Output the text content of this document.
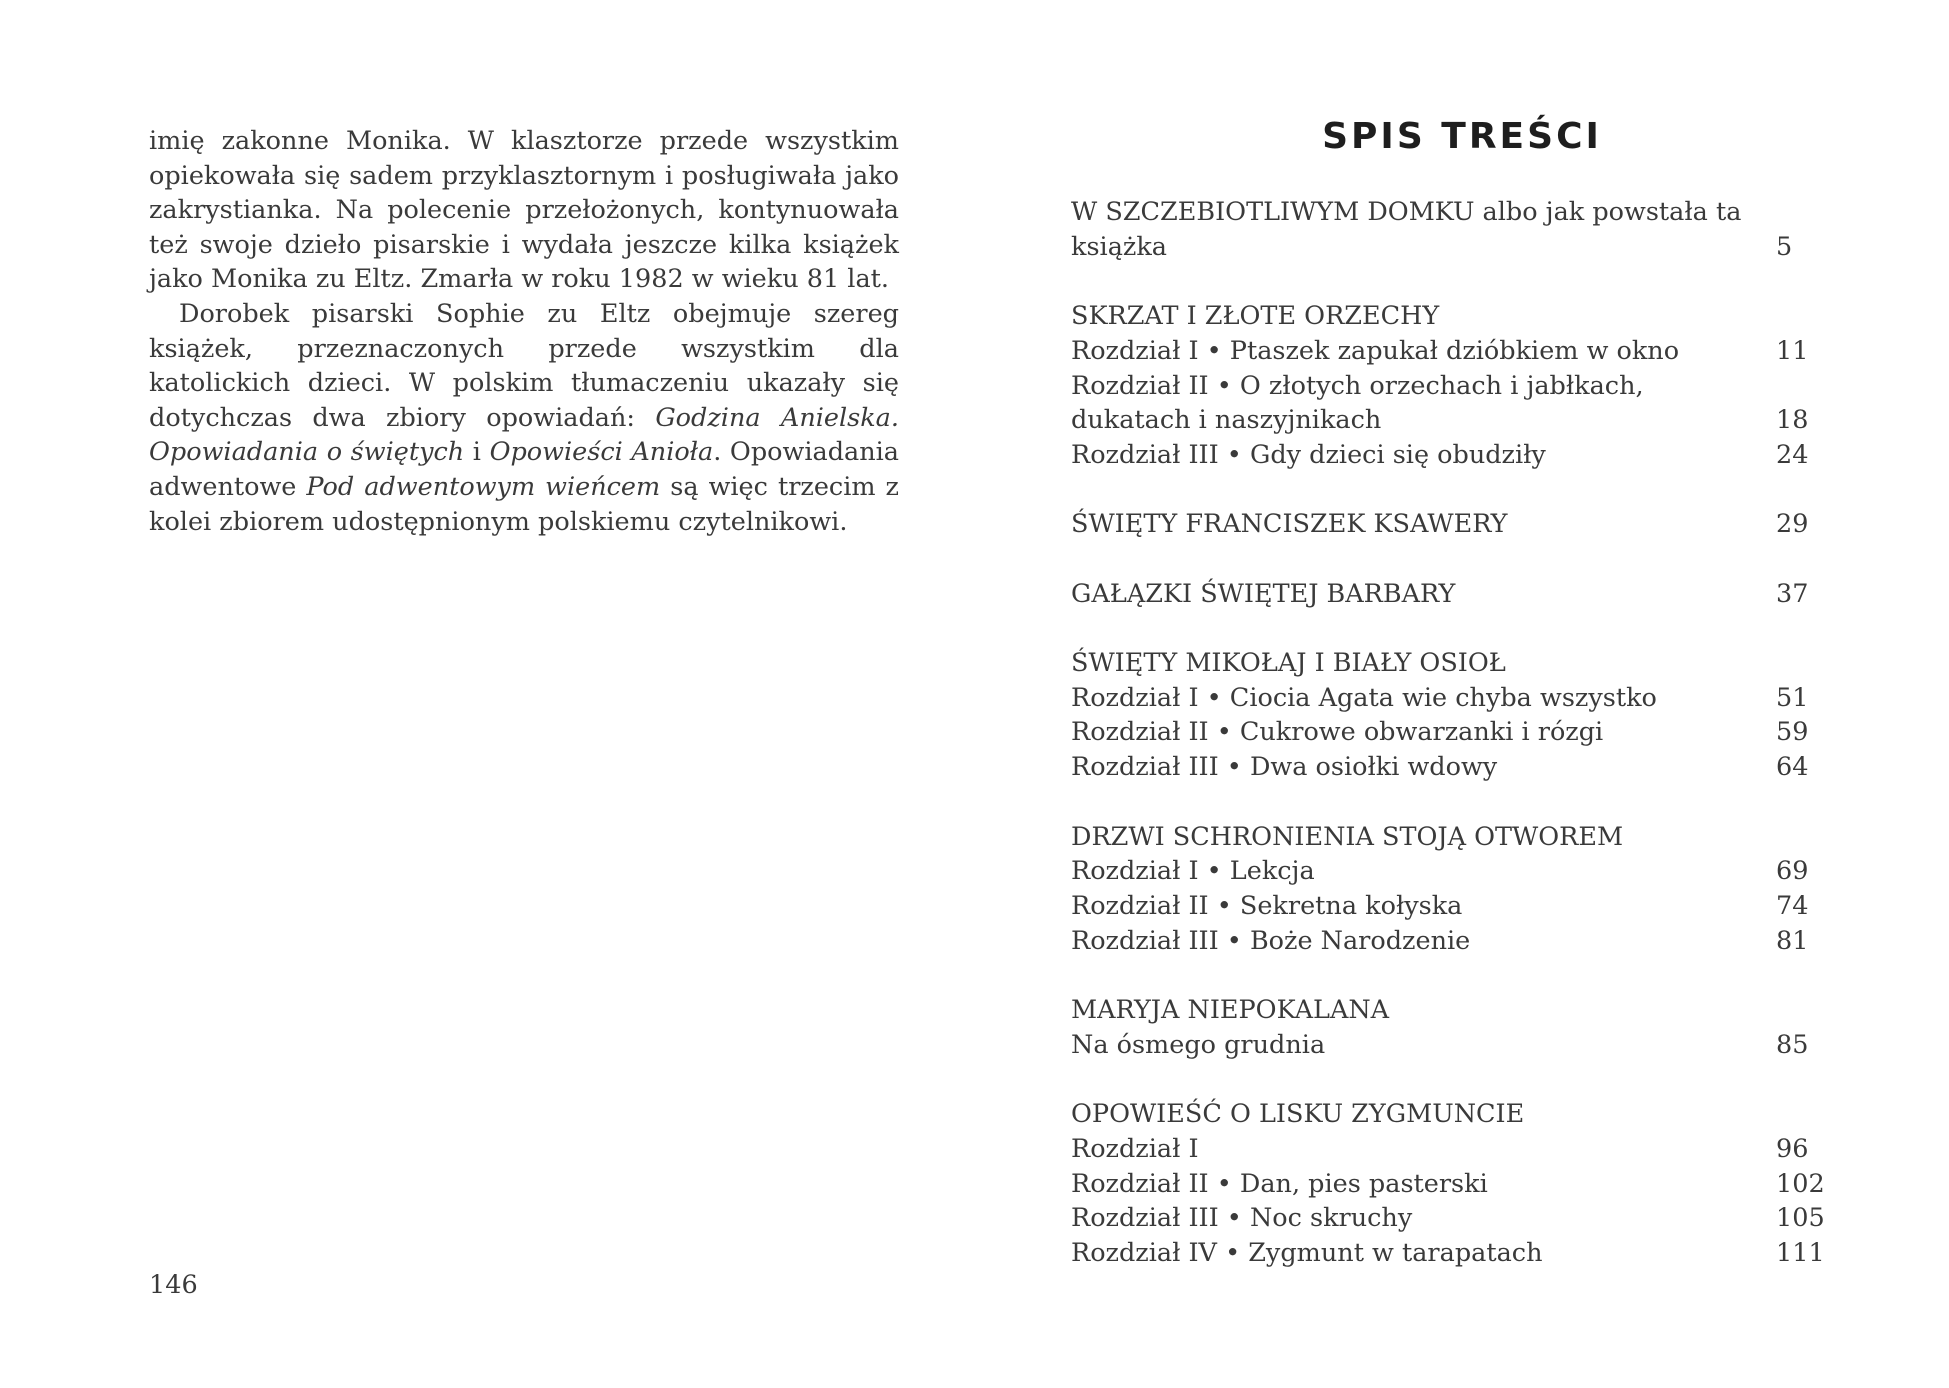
imię zakonne Monika. W klasztorze przede wszystkim opiekowała się sadem przyklasztornym i posługiwała jako zakrystianka. Na polecenie przełożonych, kontynuowała też swoje dzieło pisarskie i wydała jeszcze kilka książek jako Monika zu Eltz. Zmarła w roku 1982 w wieku 81 lat.

Dorobek pisarski Sophie zu Eltz obejmuje szereg książek, przeznaczonych przede wszystkim dla katolickich dzieci. W polskim tłumaczeniu ukazały się dotychczas dwa zbiory opowiadań: Godzina Anielska. Opowiadania o świętych i Opowieści Anioła. Opowiadania adwentowe Pod adwentowym wieńcem są więc trzecim z kolei zbiorem udostępnionym polskiemu czytelnikowi.

146
SPIS TREŚCI
W SZCZEBIOTLIWYM DOMKU albo jak powstała ta książka	5
SKRZAT I ZŁOTE ORZECHY
Rozdział I • Ptaszek zapukał dzióbkiem w okno	11
Rozdział II • O złotych orzechach i jabłkach, dukatach i naszyjnikach	18
Rozdział III • Gdy dzieci się obudziły	24
ŚWIĘTY FRANCISZEK KSAWERY	29
GAŁĄZKI ŚWIĘTEJ BARBARY	37
ŚWIĘTY MIKOŁAJ I BIAŁY OSIOŁ
Rozdział I • Ciocia Agata wie chyba wszystko	51
Rozdział II • Cukrowe obwarzanki i rózgi	59
Rozdział III • Dwa osiołki wdowy	64
DRZWI SCHRONIENIA STOJĄ OTWOREM
Rozdział I • Lekcja	69
Rozdział II • Sekretna kołyska	74
Rozdział III • Boże Narodzenie	81
MARYJA NIEPOKALANA
Na ósmego grudnia	85
OPOWIEŚĆ O LISKU ZYGMUNCIE
Rozdział I	96
Rozdział II • Dan, pies pasterski	102
Rozdział III • Noc skruchy	105
Rozdział IV • Zygmunt w tarapatach	111
